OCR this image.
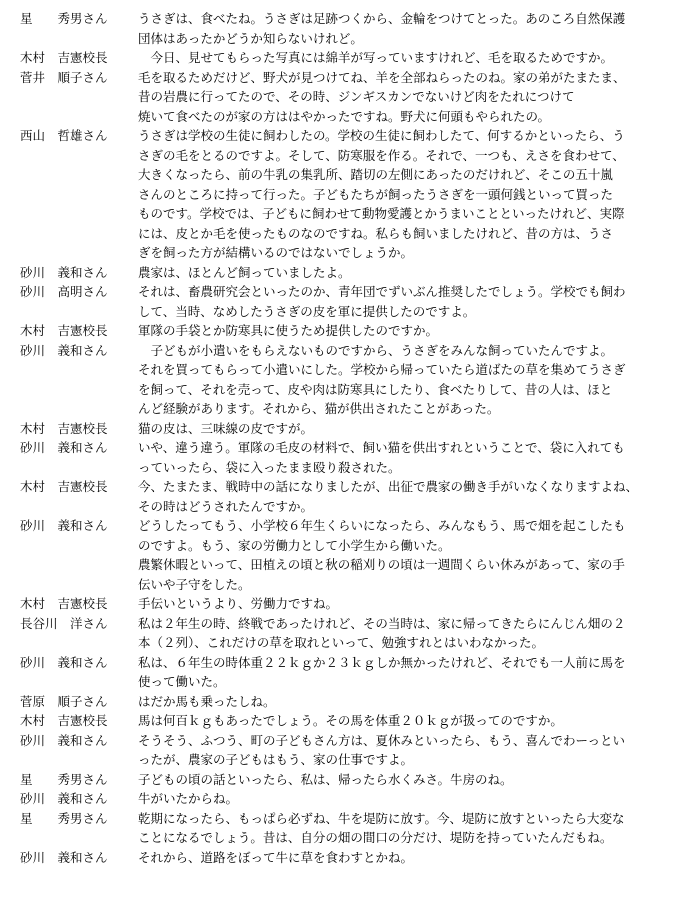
星　　秀男さん	うさぎは、食べたね。うさぎは足跡つくから、金輪をつけてとった。あのころ自然保護
団体はあったかどうか知らないけれど。
木村　吉憲校長	　今日、見せてもらった写真には綿羊が写っていますけれど、毛を取るためですか。
菅井　順子さん	毛を取るためだけど、野犬が見つけてね、羊を全部ねらったのね。家の弟がたまたま、
昔の岩農に行ってたので、その時、ジンギスカンでないけど肉をたれにつけて
焼いて食べたのが家の方ははやかったですね。野犬に何頭もやられたの。
西山　哲雄さん	うさぎは学校の生徒に飼わしたの。学校の生徒に飼わしたて、何するかといったら、う
さぎの毛をとるのですよ。そして、防寒服を作る。それで、一つも、えさを食わせて、
大きくなったら、前の牛乳の集乳所、踏切の左側にあったのだけれど、そこの五十嵐
さんのところに持って行った。子どもたちが飼ったうさぎを一頭何銭といって買った
ものです。学校では、子どもに飼わせて動物愛護とかうまいことといったけれど、実際
には、皮とか毛を使ったものなのですね。私らも飼いましたけれど、昔の方は、うさ
ぎを飼った方が結構いるのではないでしょうか。
砂川　義和さん	農家は、ほとんど飼っていましたよ。
砂川　高明さん	それは、畜農研究会といったのか、青年団でずいぶん推奨したでしょう。学校でも飼わ
して、当時、なめしたうさぎの皮を軍に提供したのですよ。
木村　吉憲校長	軍隊の手袋とか防寒具に使うため提供したのですか。
砂川　義和さん	　子どもが小遣いをもらえないものですから、うさぎをみんな飼っていたんですよ。
それを買ってもらって小遣いにした。学校から帰っていたら道ばたの草を集めてうさぎ
を飼って、それを売って、皮や肉は防寒具にしたり、食べたりして、昔の人は、ほと
んど経験があります。それから、猫が供出されたことがあった。
木村　吉憲校長	猫の皮は、三味線の皮ですが。
砂川　義和さん	いや、違う違う。軍隊の毛皮の材料で、飼い猫を供出すれということで、袋に入れても
っていったら、袋に入ったまま殴り殺された。
木村　吉憲校長	今、たまたま、戦時中の話になりましたが、出征で農家の働き手がいなくなりますよね、
その時はどうされたんですか。
砂川　義和さん	どうしたってもう、小学校６年生くらいになったら、みんなもう、馬で畑を起こしたも
のですよ。もう、家の労働力として小学生から働いた。
農繁休暇といって、田植えの頃と秋の稲刈りの頃は一週間くらい休みがあって、家の手
伝いや子守をした。
木村　吉憲校長	手伝いというより、労働力ですね。
長谷川　洋さん	私は２年生の時、終戦であったけれど、その当時は、家に帰ってきたらにんじん畑の２
本（２列）、これだけの草を取れといって、勉強すれとはいわなかった。
砂川　義和さん	私は、６年生の時体重２２ｋｇか２３ｋｇしか無かったけれど、それでも一人前に馬を
使って働いた。
菅原　順子さん	はだか馬も乗ったしね。
木村　吉憲校長	馬は何百ｋｇもあったでしょう。その馬を体重２０ｋｇが扱ってのですか。
砂川　義和さん	そうそう、ふつう、町の子どもさん方は、夏休みといったら、もう、喜んでわーっとい
ったが、農家の子どもはもう、家の仕事ですよ。
星　　秀男さん	子どもの頃の話といったら、私は、帰ったら水くみさ。牛房のね。
砂川　義和さん	牛がいたからね。
星　　秀男さん	乾期になったら、もっぱら必ずね、牛を堤防に放す。今、堤防に放すといったら大変な
ことになるでしょう。昔は、自分の畑の間口の分だけ、堤防を持っていたんだもね。
砂川　義和さん	それから、道路をぼって牛に草を食わすとかね。
